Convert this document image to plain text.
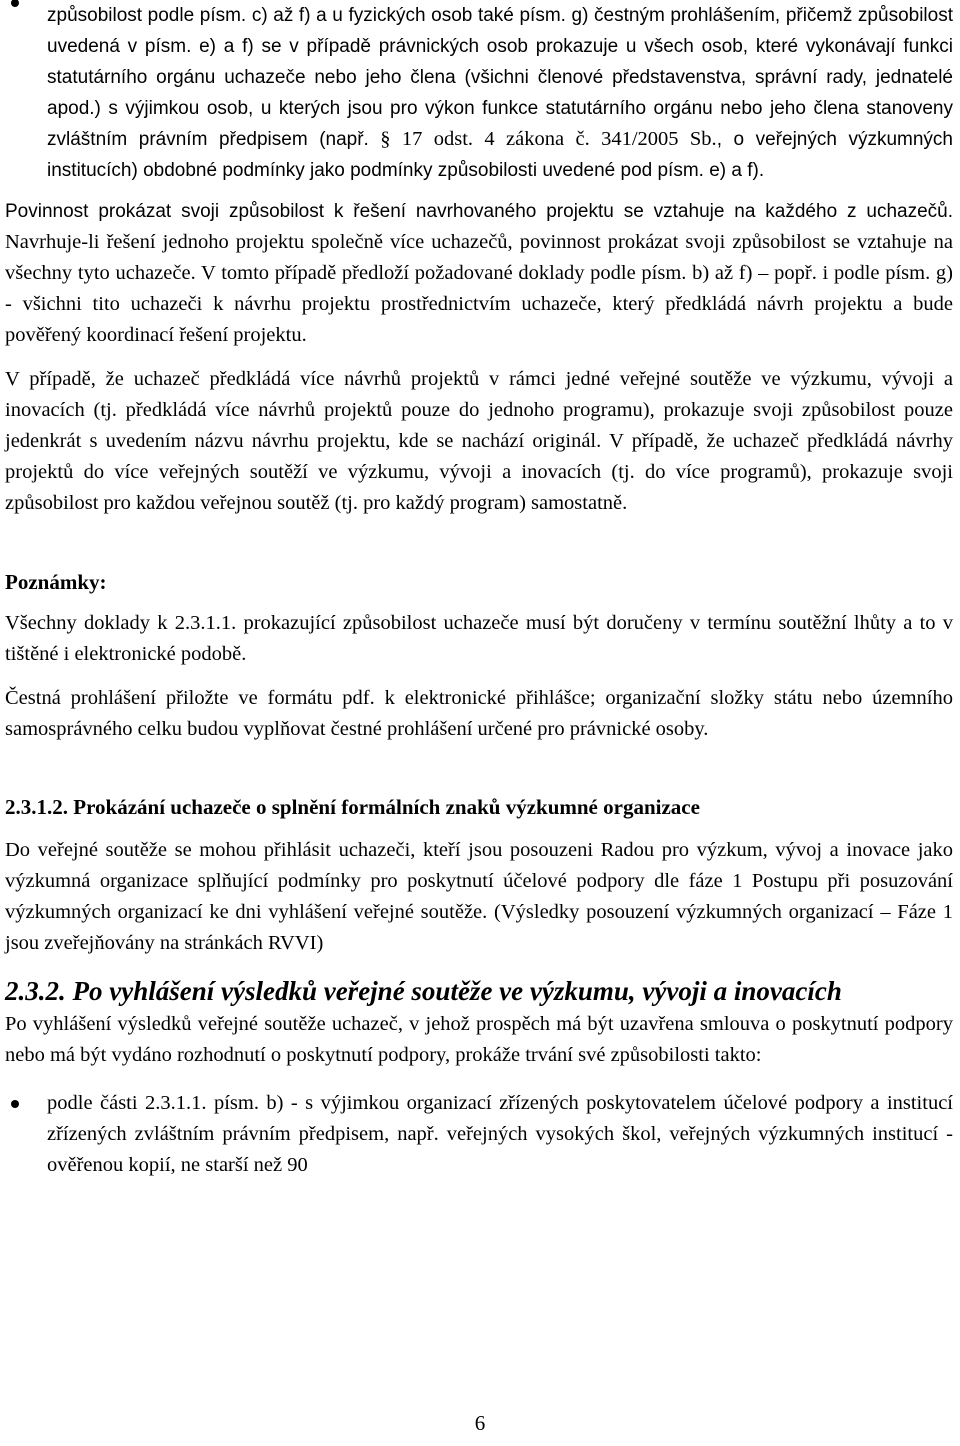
způsobilost podle písm. c) až f) a u fyzických osob také písm. g) čestným prohlášením, přičemž způsobilost uvedená v písm. e) a f) se v případě právnických osob prokazuje u všech osob, které vykonávají funkci statutárního orgánu uchazeče nebo jeho člena (všichni členové představenstva, správní rady, jednatelé apod.) s výjimkou osob, u kterých jsou pro výkon funkce statutárního orgánu nebo jeho člena stanoveny zvláštním právním předpisem (např. § 17 odst. 4 zákona č. 341/2005 Sb., o veřejných výzkumných institucích) obdobné podmínky jako podmínky způsobilosti uvedené pod písm. e) a f).

Povinnost prokázat svoji způsobilost k řešení navrhovaného projektu se vztahuje na každého z uchazečů. Navrhuje-li řešení jednoho projektu společně více uchazečů, povinnost prokázat svoji způsobilost se vztahuje na všechny tyto uchazeče. V tomto případě předloží požadované doklady podle písm. b) až f) – popř. i podle písm. g) - všichni tito uchazeči k návrhu projektu prostřednictvím uchazeče, který předkládá návrh projektu a bude pověřený koordinací řešení projektu.

V případě, že uchazeč předkládá více návrhů projektů v rámci jedné veřejné soutěže ve výzkumu, vývoji a inovacích (tj. předkládá více návrhů projektů pouze do jednoho programu), prokazuje svoji způsobilost pouze jedenkrát s uvedením názvu návrhu projektu, kde se nachází originál. V případě, že uchazeč předkládá návrhy projektů do více veřejných soutěží ve výzkumu, vývoji a inovacích (tj. do více programů), prokazuje svoji způsobilost pro každou veřejnou soutěž (tj. pro každý program) samostatně.

Poznámky:

Všechny doklady k 2.3.1.1. prokazující způsobilost uchazeče musí být doručeny v termínu soutěžní lhůty a to v tištěné i elektronické podobě.

Čestná prohlášení přiložte ve formátu pdf. k elektronické přihlášce; organizační složky státu nebo územního samosprávného celku budou vyplňovat čestné prohlášení určené pro právnické osoby.

2.3.1.2. Prokázání uchazeče o splnění formálních znaků výzkumné organizace

Do veřejné soutěže se mohou přihlásit uchazeči, kteří jsou posouzeni Radou pro výzkum, vývoj a inovace jako výzkumná organizace splňující podmínky pro poskytnutí účelové podpory dle fáze 1 Postupu při posuzování výzkumných organizací ke dni vyhlášení veřejné soutěže. (Výsledky posouzení výzkumných organizací – Fáze 1 jsou zveřejňovány na stránkách RVVI)

2.3.2. Po vyhlášení výsledků veřejné soutěže ve výzkumu, vývoji a inovacích

Po vyhlášení výsledků veřejné soutěže uchazeč, v jehož prospěch má být uzavřena smlouva o poskytnutí podpory nebo má být vydáno rozhodnutí o poskytnutí podpory, prokáže trvání své způsobilosti takto:

podle části 2.3.1.1. písm. b) - s výjimkou organizací zřízených poskytovatelem účelové podpory a institucí zřízených zvláštním právním předpisem, např. veřejných vysokých škol, veřejných výzkumných institucí - ověřenou kopií, ne starší než 90

6
